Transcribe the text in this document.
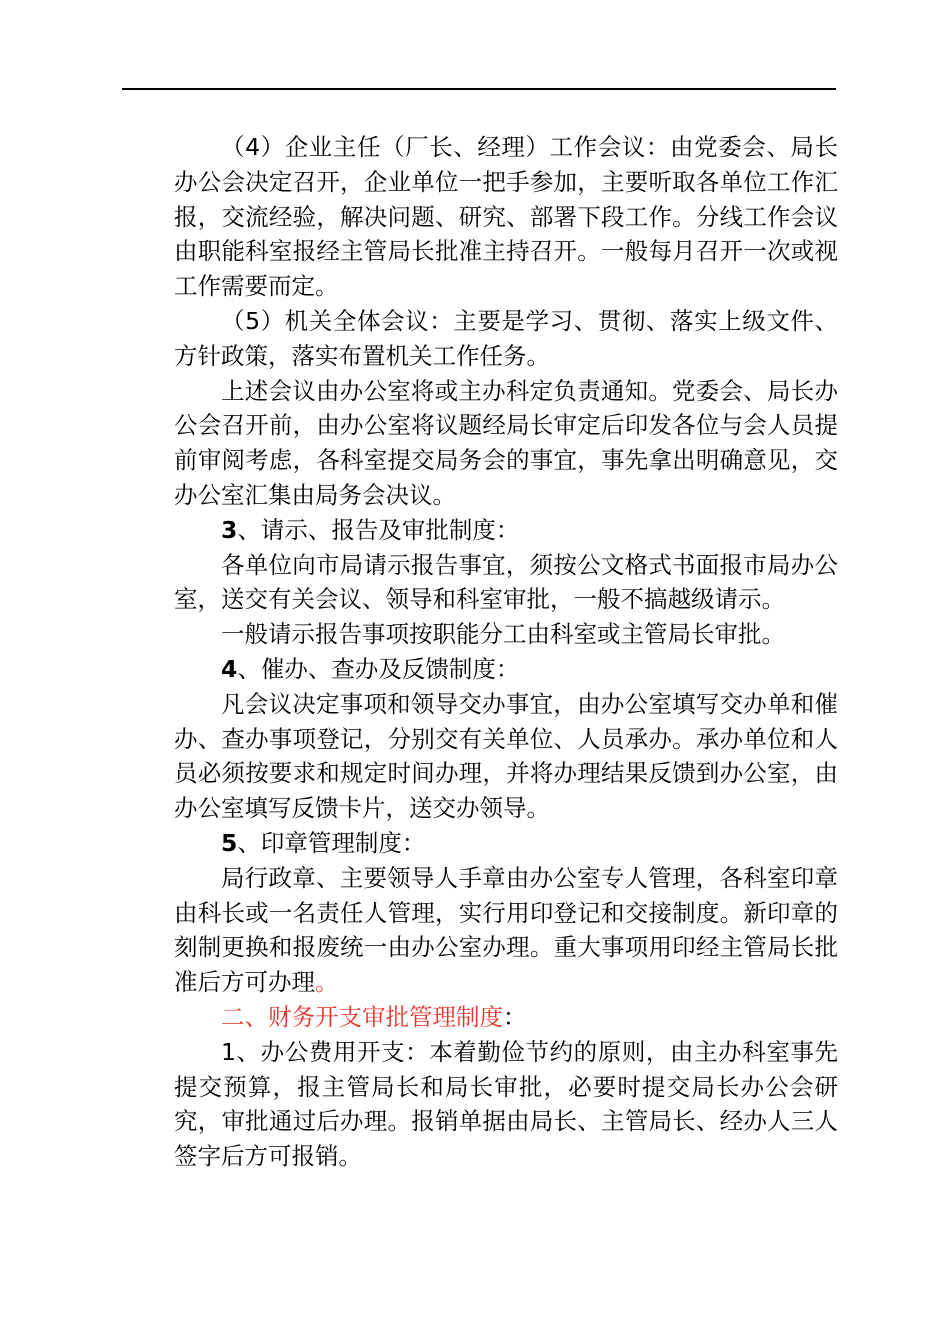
（4）企业主任（厂长、经理）工作会议：由党委会、局长办公会决定召开，企业单位一把手参加，主要听取各单位工作汇报，交流经验，解决问题、研究、部署下段工作。分线工作会议由职能科室报经主管局长批准主持召开。一般每月召开一次或视工作需要而定。

（5）机关全体会议：主要是学习、贯彻、落实上级文件、方针政策，落实布置机关工作任务。

上述会议由办公室将或主办科定负责通知。党委会、局长办公会召开前，由办公室将议题经局长审定后印发各位与会人员提前审阅考虑，各科室提交局务会的事宜，事先拿出明确意见，交办公室汇集由局务会决议。

3、请示、报告及审批制度：

各单位向市局请示报告事宜，须按公文格式书面报市局办公室，送交有关会议、领导和科室审批，一般不搞越级请示。

一般请示报告事项按职能分工由科室或主管局长审批。

4、催办、查办及反馈制度：

凡会议决定事项和领导交办事宜，由办公室填写交办单和催办、查办事项登记，分别交有关单位、人员承办。承办单位和人员必须按要求和规定时间办理，并将办理结果反馈到办公室，由办公室填写反馈卡片，送交办领导。

5、印章管理制度：

局行政章、主要领导人手章由办公室专人管理，各科室印章由科长或一名责任人管理，实行用印登记和交接制度。新印章的刻制更换和报废统一由办公室办理。重大事项用印经主管局长批准后方可办理。

二、财务开支审批管理制度：

1、办公费用开支：本着勤俭节约的原则，由主办科室事先提交预算，报主管局长和局长审批，必要时提交局长办公会研究，审批通过后办理。报销单据由局长、主管局长、经办人三人签字后方可报销。
